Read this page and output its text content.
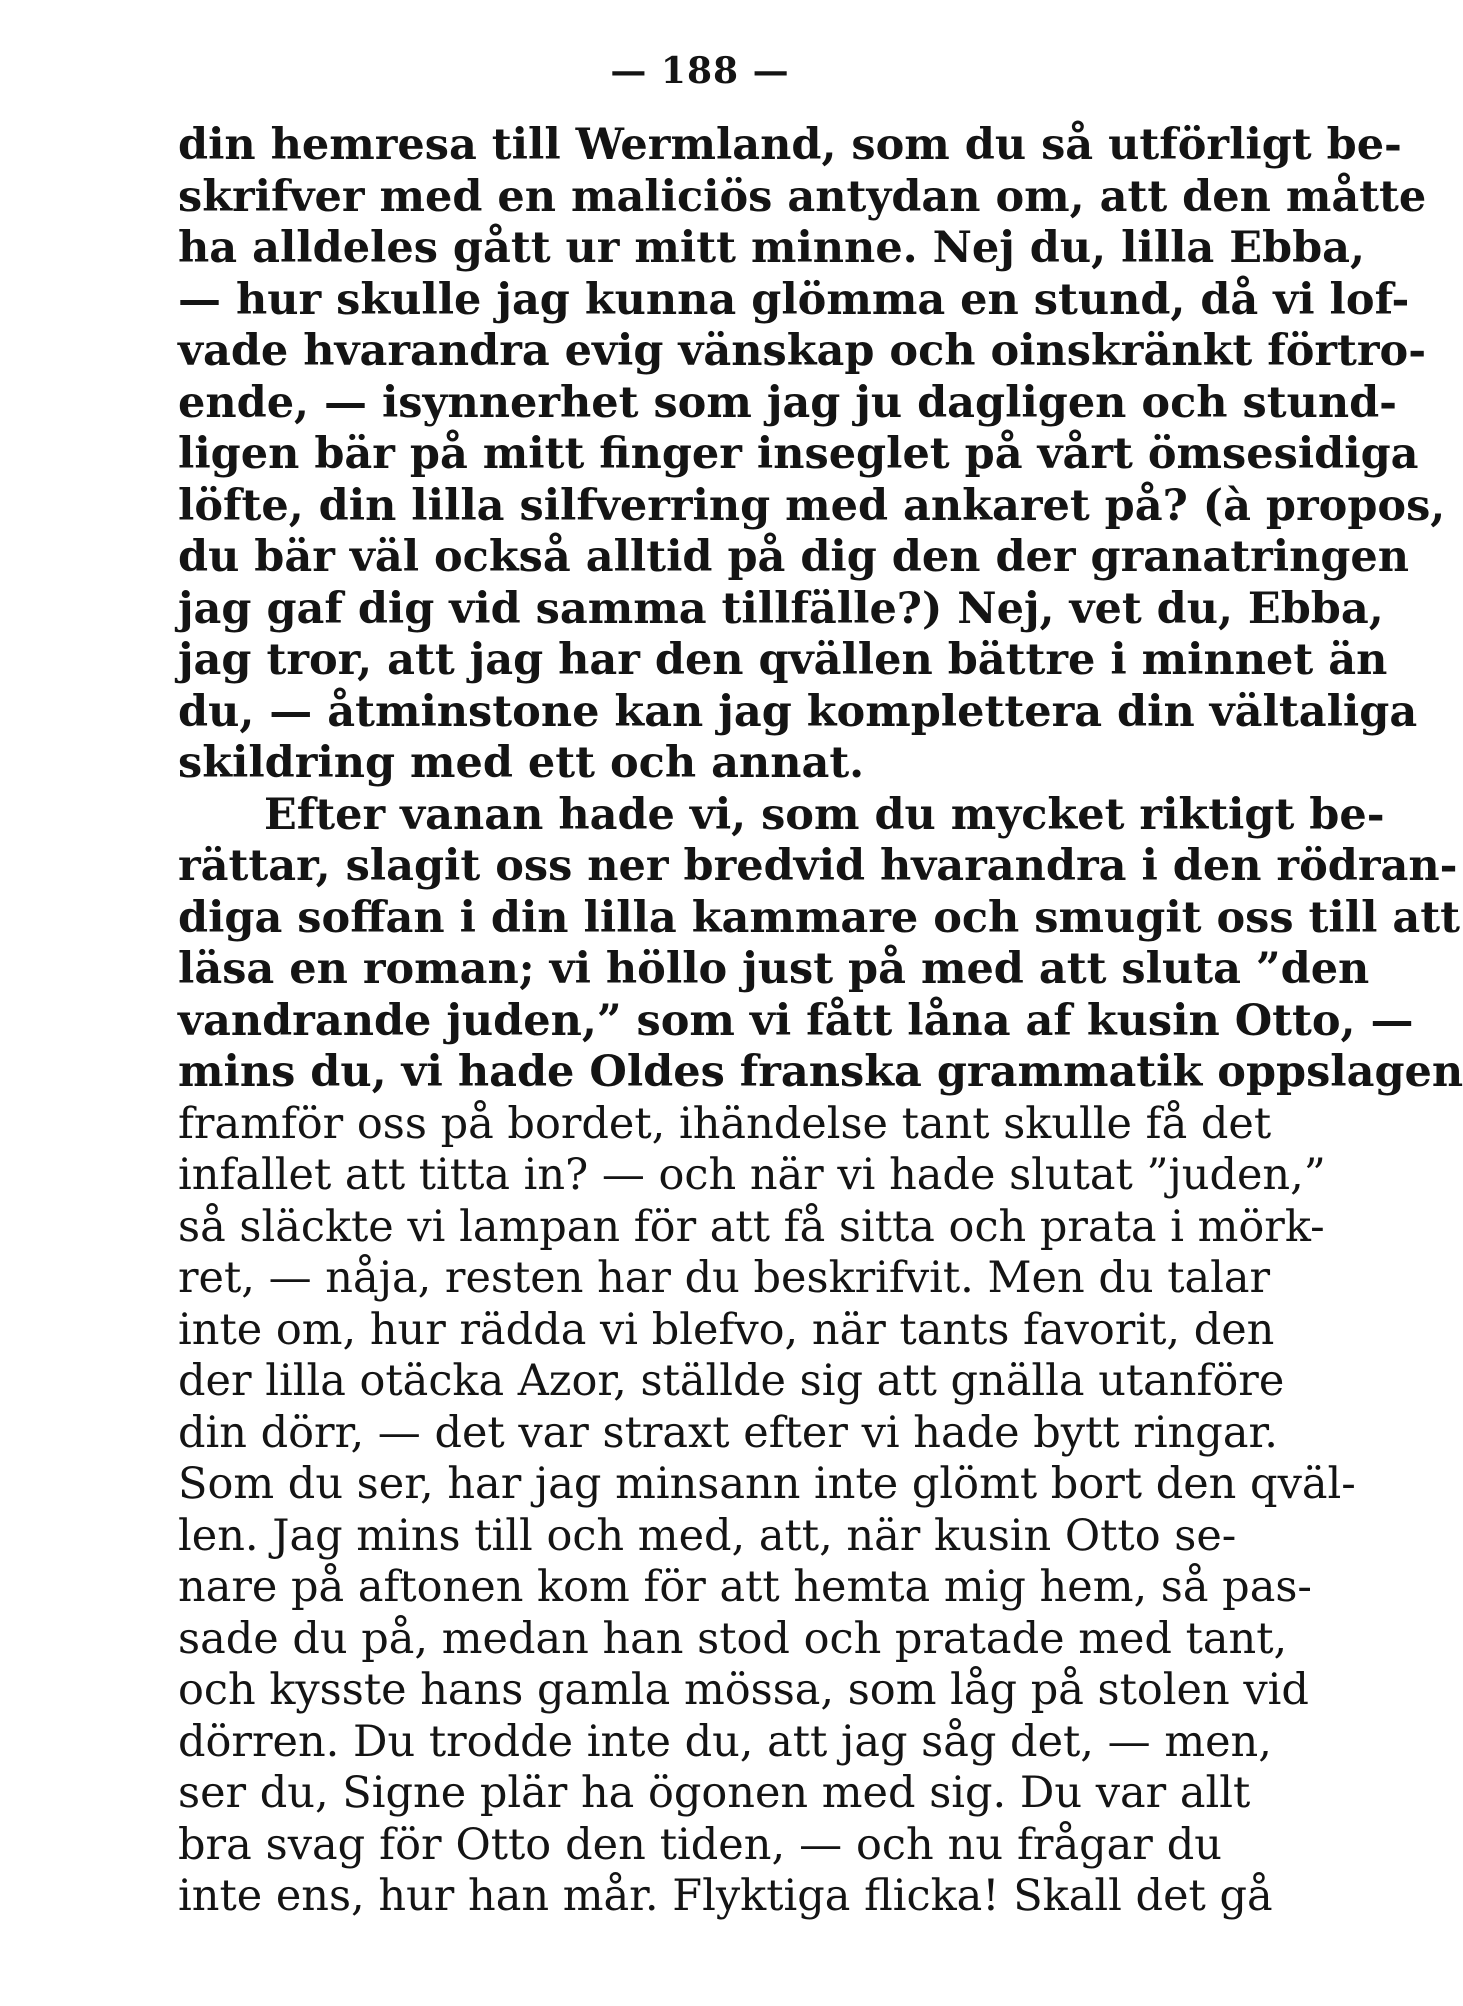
— 188 —
din hemresa till Wermland, som du så utförligt be-
skrifver med en maliciös antydan om, att den måtte
ha alldeles gått ur mitt minne. Nej du, lilla Ebba,
— hur skulle jag kunna glömma en stund, då vi lof-
vade hvarandra evig vänskap och oinskränkt förtro-
ende, — isynnerhet som jag ju dagligen och stund-
ligen bär på mitt finger inseglet på vårt ömsesidiga
löfte, din lilla silfverring med ankaret på? (à propos,
du bär väl också alltid på dig den der granatringen
jag gaf dig vid samma tillfälle?) Nej, vet du, Ebba,
jag tror, att jag har den qvällen bättre i minnet än
du, — åtminstone kan jag komplettera din vältaliga
skildring med ett och annat.
Efter vanan hade vi, som du mycket riktigt be-
rättar, slagit oss ner bredvid hvarandra i den rödran-
diga soffan i din lilla kammare och smugit oss till att
läsa en roman; vi höllo just på med att sluta ”den
vandrande juden,” som vi fått låna af kusin Otto, —
mins du, vi hade Oldes franska grammatik oppslagen
framför oss på bordet, ihändelse tant skulle få det
infallet att titta in? — och när vi hade slutat ”juden,”
så släckte vi lampan för att få sitta och prata i mörk-
ret, — nåja, resten har du beskrifvit. Men du talar
inte om, hur rädda vi blefvo, när tants favorit, den
der lilla otäcka Azor, ställde sig att gnälla utanföre
din dörr, — det var straxt efter vi hade bytt ringar.
Som du ser, har jag minsann inte glömt bort den qväl-
len. Jag mins till och med, att, när kusin Otto se-
nare på aftonen kom för att hemta mig hem, så pas-
sade du på, medan han stod och pratade med tant,
och kysste hans gamla mössa, som låg på stolen vid
dörren. Du trodde inte du, att jag såg det, — men,
ser du, Signe plär ha ögonen med sig. Du var allt
bra svag för Otto den tiden, — och nu frågar du
inte ens, hur han mår. Flyktiga flicka! Skall det gå
